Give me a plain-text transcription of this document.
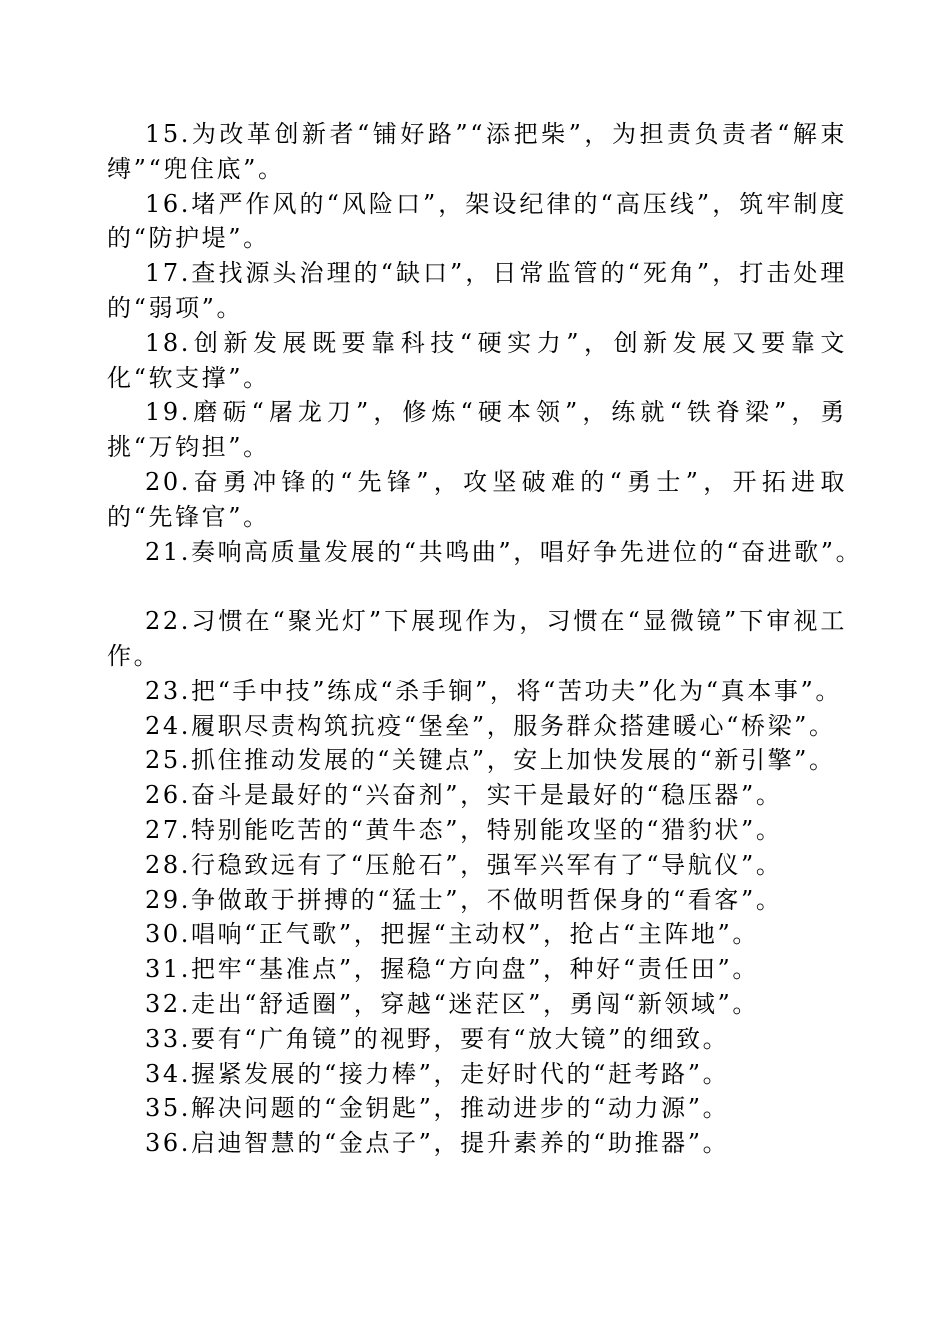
15.为改革创新者“铺好路”“添把柴”，为担责负责者“解束缚”“兜住底”。

16.堵严作风的“风险口”，架设纪律的“高压线”，筑牢制度的“防护堤”。

17.查找源头治理的“缺口”，日常监管的“死角”，打击处理的“弱项”。

18.创新发展既要靠科技“硬实力”，创新发展又要靠文化“软支撑”。

19.磨砺“屠龙刀”，修炼“硬本领”，练就“铁脊梁”，勇挑“万钧担”。

20.奋勇冲锋的“先锋”，攻坚破难的“勇士”，开拓进取的“先锋官”。

21.奏响高质量发展的“共鸣曲”，唱好争先进位的“奋进歌”。

22.习惯在“聚光灯”下展现作为，习惯在“显微镜”下审视工作。

23.把“手中技”练成“杀手锏”，将“苦功夫”化为“真本事”。

24.履职尽责构筑抗疫“堡垒”，服务群众搭建暖心“桥梁”。

25.抓住推动发展的“关键点”，安上加快发展的“新引擎”。

26.奋斗是最好的“兴奋剂”，实干是最好的“稳压器”。

27.特别能吃苦的“黄牛态”，特别能攻坚的“猎豹状”。

28.行稳致远有了“压舱石”，强军兴军有了“导航仪”。

29.争做敢于拼搏的“猛士”，不做明哲保身的“看客”。

30.唱响“正气歌”，把握“主动权”，抢占“主阵地”。

31.把牢“基准点”，握稳“方向盘”，种好“责任田”。

32.走出“舒适圈”，穿越“迷茫区”，勇闯“新领域”。

33.要有“广角镜”的视野，要有“放大镜”的细致。

34.握紧发展的“接力棒”，走好时代的“赶考路”。

35.解决问题的“金钥匙”，推动进步的“动力源”。

36.启迪智慧的“金点子”，提升素养的“助推器”。
